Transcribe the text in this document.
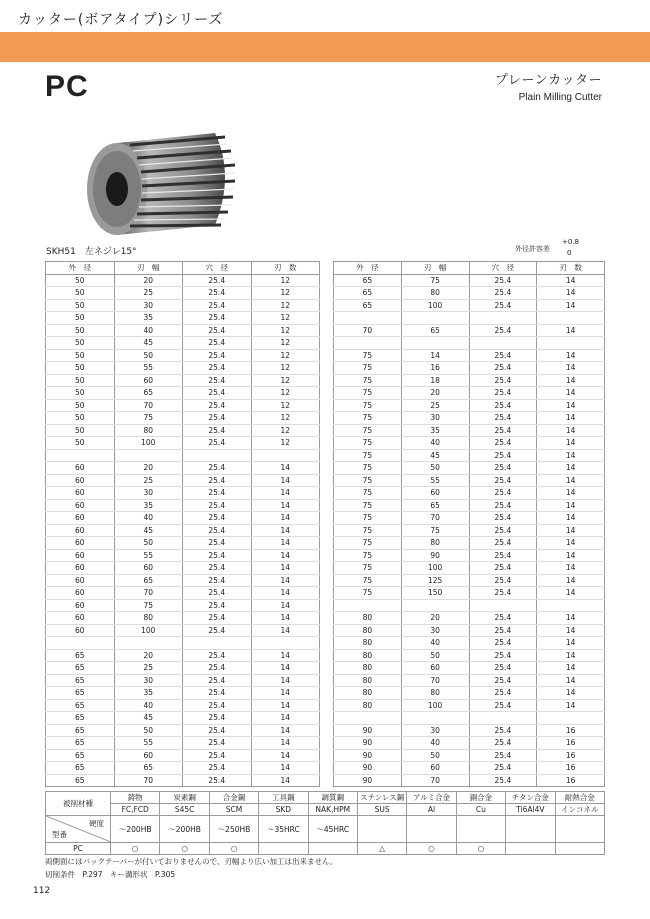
カッター(ボアタイプ)シリーズ
PC	プレーンカッター
Plain Milling Cutter
SKH51　左ネジレ15°	外径許容差
+0.8
0
外　径	刃　幅	穴　径	刃　数
50	20	25.4	12
50	25	25.4	12
50	30	25.4	12
50	35	25.4	12
50	40	25.4	12
50	45	25.4	12
50	50	25.4	12
50	55	25.4	12
50	60	25.4	12
50	65	25.4	12
50	70	25.4	12
50	75	25.4	12
50	80	25.4	12
50	100	25.4	12

60	20	25.4	14
60	25	25.4	14
60	30	25.4	14
60	35	25.4	14
60	40	25.4	14
60	45	25.4	14
60	50	25.4	14
60	55	25.4	14
60	60	25.4	14
60	65	25.4	14
60	70	25.4	14
60	75	25.4	14
60	80	25.4	14
60	100	25.4	14

65	20	25.4	14
65	25	25.4	14
65	30	25.4	14
65	35	25.4	14
65	40	25.4	14
65	45	25.4	14
65	50	25.4	14
65	55	25.4	14
65	60	25.4	14
65	65	25.4	14
65	70	25.4	14
外　径	刃　幅	穴　径	刃　数
65	75	25.4	14
65	80	25.4	14
65	100	25.4	14

70	65	25.4	14

75	14	25.4	14
75	16	25.4	14
75	18	25.4	14
75	20	25.4	14
75	25	25.4	14
75	30	25.4	14
75	35	25.4	14
75	40	25.4	14
75	45	25.4	14
75	50	25.4	14
75	55	25.4	14
75	60	25.4	14
75	65	25.4	14
75	70	25.4	14
75	75	25.4	14
75	80	25.4	14
75	90	25.4	14
75	100	25.4	14
75	125	25.4	14
75	150	25.4	14

80	20	25.4	14
80	30	25.4	14
80	40	25.4	14
80	50	25.4	14
80	60	25.4	14
80	70	25.4	14
80	80	25.4	14
80	100	25.4	14

90	30	25.4	16
90	40	25.4	16
90	50	25.4	16
90	60	25.4	16
90	70	25.4	16
被削材種	鋳物	炭素鋼	合金鋼	工具鋼	調質鋼	ステンレス鋼	アルミ合金	銅合金	チタン合金	耐熱合金
	FC,FCD	S45C	SCM	SKD	NAK,HPM	SUS	Al	Cu	Ti6Al4V	インコネル

硬度
型番	～200HB	～200HB	～250HB	～35HRC	～45HRC					
PC	○	○	○			△	○	○		
両側面にはバックテーパーが付いておりませんので、刃幅より広い加工は出来ません。
切削条件　P.297　キー溝形状　P.305
112
